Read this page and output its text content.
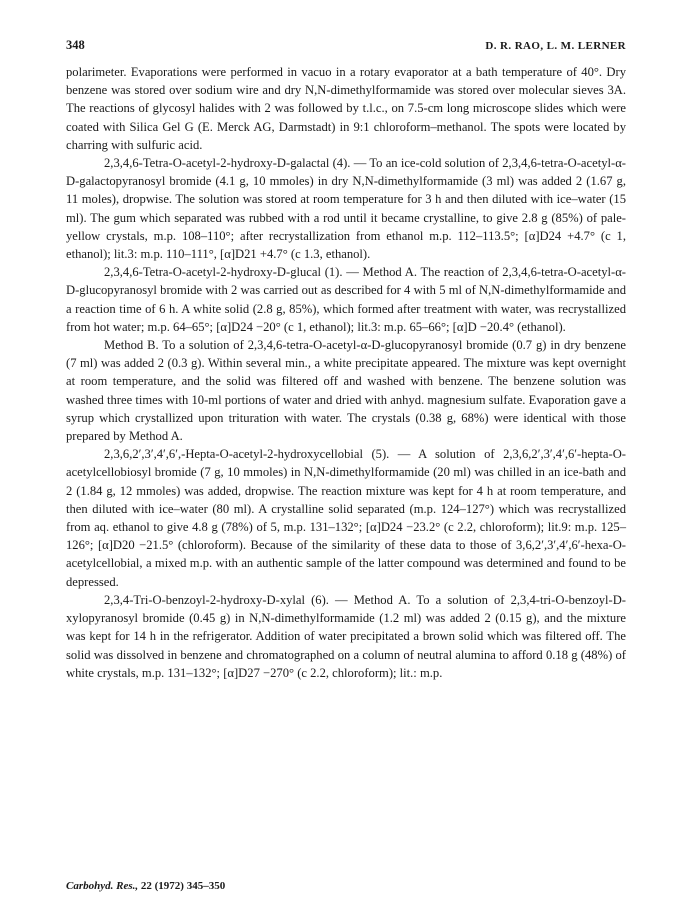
348	D. R. RAO, L. M. LERNER

polarimeter. Evaporations were performed in vacuo in a rotary evaporator at a bath temperature of 40°. Dry benzene was stored over sodium wire and dry N,N-dimethylformamide was stored over molecular sieves 3A. The reactions of glycosyl halides with 2 was followed by t.l.c., on 7.5-cm long microscope slides which were coated with Silica Gel G (E. Merck AG, Darmstadt) in 9:1 chloroform–methanol. The spots were located by charring with sulfuric acid.

2,3,4,6-Tetra-O-acetyl-2-hydroxy-D-galactal (4). — To an ice-cold solution of 2,3,4,6-tetra-O-acetyl-α-D-galactopyranosyl bromide (4.1 g, 10 mmoles) in dry N,N-dimethylformamide (3 ml) was added 2 (1.67 g, 11 moles), dropwise. The solution was stored at room temperature for 3 h and then diluted with ice–water (15 ml). The gum which separated was rubbed with a rod until it became crystalline, to give 2.8 g (85%) of pale-yellow crystals, m.p. 108–110°; after recrystallization from ethanol m.p. 112–113.5°; [α]D24 +4.7° (c 1, ethanol); lit.3: m.p. 110–111°, [α]D21 +4.7° (c 1.3, ethanol).

2,3,4,6-Tetra-O-acetyl-2-hydroxy-D-glucal (1). — Method A. The reaction of 2,3,4,6-tetra-O-acetyl-α-D-glucopyranosyl bromide with 2 was carried out as described for 4 with 5 ml of N,N-dimethylformamide and a reaction time of 6 h. A white solid (2.8 g, 85%), which formed after treatment with water, was recrystallized from hot water; m.p. 64–65°; [α]D24 −20° (c 1, ethanol); lit.3: m.p. 65–66°; [α]D −20.4° (ethanol).

Method B. To a solution of 2,3,4,6-tetra-O-acetyl-α-D-glucopyranosyl bromide (0.7 g) in dry benzene (7 ml) was added 2 (0.3 g). Within several min., a white precipitate appeared. The mixture was kept overnight at room temperature, and the solid was filtered off and washed with benzene. The benzene solution was washed three times with 10-ml portions of water and dried with anhyd. magnesium sulfate. Evaporation gave a syrup which crystallized upon trituration with water. The crystals (0.38 g, 68%) were identical with those prepared by Method A.

2,3,6,2′,3′,4′,6′,-Hepta-O-acetyl-2-hydroxycellobial (5). — A solution of 2,3,6,2′,3′,4′,6′-hepta-O-acetylcellobiosyl bromide (7 g, 10 mmoles) in N,N-dimethylformamide (20 ml) was chilled in an ice-bath and 2 (1.84 g, 12 mmoles) was added, dropwise. The reaction mixture was kept for 4 h at room temperature, and then diluted with ice–water (80 ml). A crystalline solid separated (m.p. 124–127°) which was recrystallized from aq. ethanol to give 4.8 g (78%) of 5, m.p. 131–132°; [α]D24 −23.2° (c 2.2, chloroform); lit.9: m.p. 125–126°; [α]D20 −21.5° (chloroform). Because of the similarity of these data to those of 3,6,2′,3′,4′,6′-hexa-O-acetylcellobial, a mixed m.p. with an authentic sample of the latter compound was determined and found to be depressed.

2,3,4-Tri-O-benzoyl-2-hydroxy-D-xylal (6). — Method A. To a solution of 2,3,4-tri-O-benzoyl-D-xylopyranosyl bromide (0.45 g) in N,N-dimethylformamide (1.2 ml) was added 2 (0.15 g), and the mixture was kept for 14 h in the refrigerator. Addition of water precipitated a brown solid which was filtered off. The solid was dissolved in benzene and chromatographed on a column of neutral alumina to afford 0.18 g (48%) of white crystals, m.p. 131–132°; [α]D27 −270° (c 2.2, chloroform); lit.: m.p.

Carbohyd. Res., 22 (1972) 345–350
